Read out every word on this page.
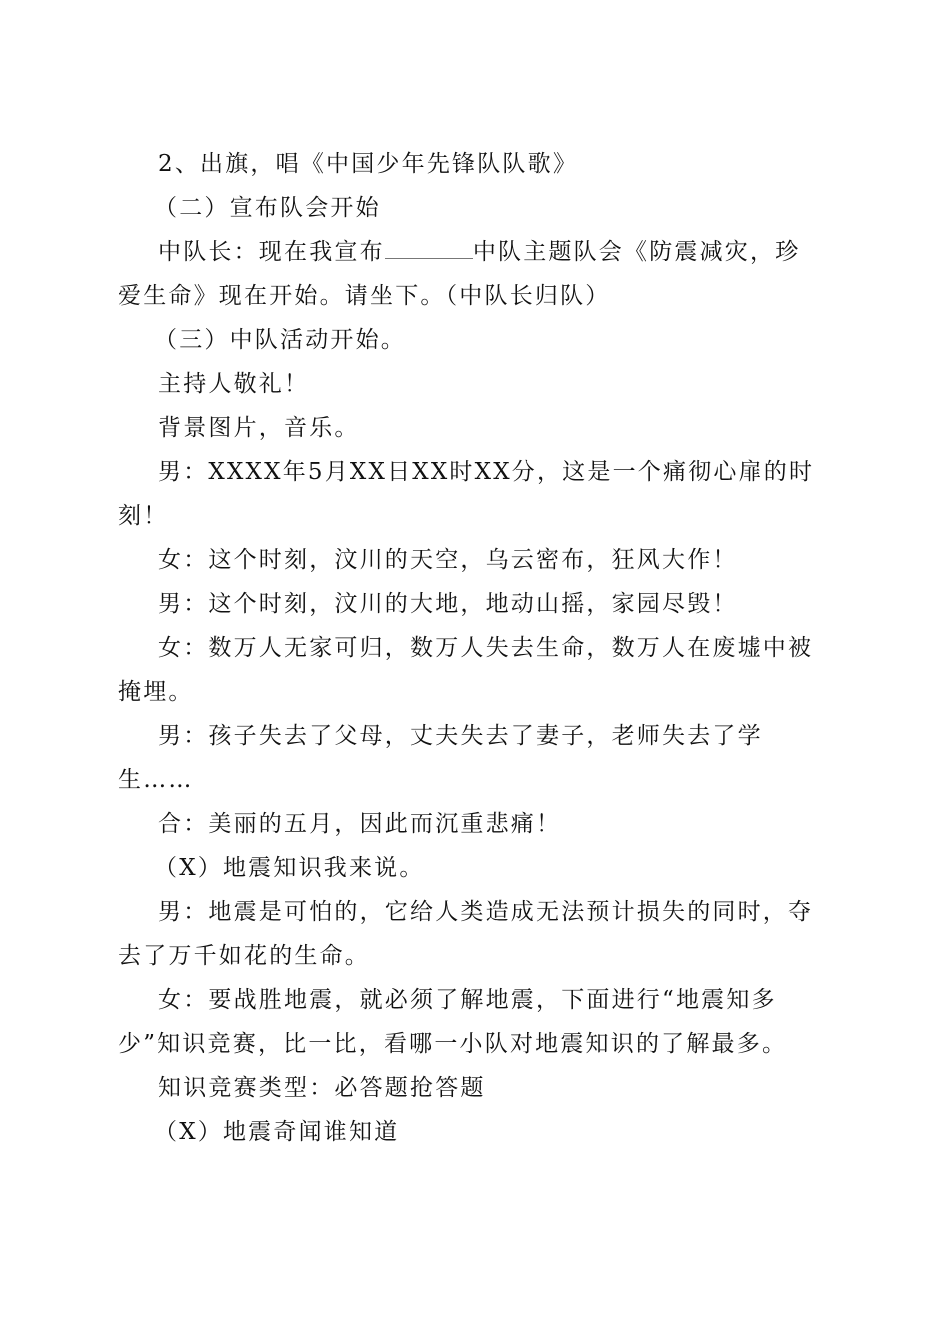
2、出旗，唱《中国少年先锋队队歌》
（二）宣布队会开始
中队长：现在我宣布	中队主题队会《防震减灾，珍
爱生命》现在开始。请坐下。（中队长归队）
（三）中队活动开始。
主持人敬礼！
背景图片，音乐。
男：XXXX年5月XX日XX时XX分，这是一个痛彻心扉的时
刻！
女：这个时刻，汶川的天空，乌云密布，狂风大作！
男：这个时刻，汶川的大地，地动山摇，家园尽毁！
女：数万人无家可归，数万人失去生命，数万人在废墟中被
掩埋。
男：孩子失去了父母，丈夫失去了妻子，老师失去了学
生……
合：美丽的五月，因此而沉重悲痛！
（X）地震知识我来说。
男：地震是可怕的，它给人类造成无法预计损失的同时，夺
去了万千如花的生命。
女：要战胜地震，就必须了解地震，下面进行“地震知多
少”知识竞赛，比一比，看哪一小队对地震知识的了解最多。
知识竞赛类型：必答题抢答题
（X）地震奇闻谁知道
